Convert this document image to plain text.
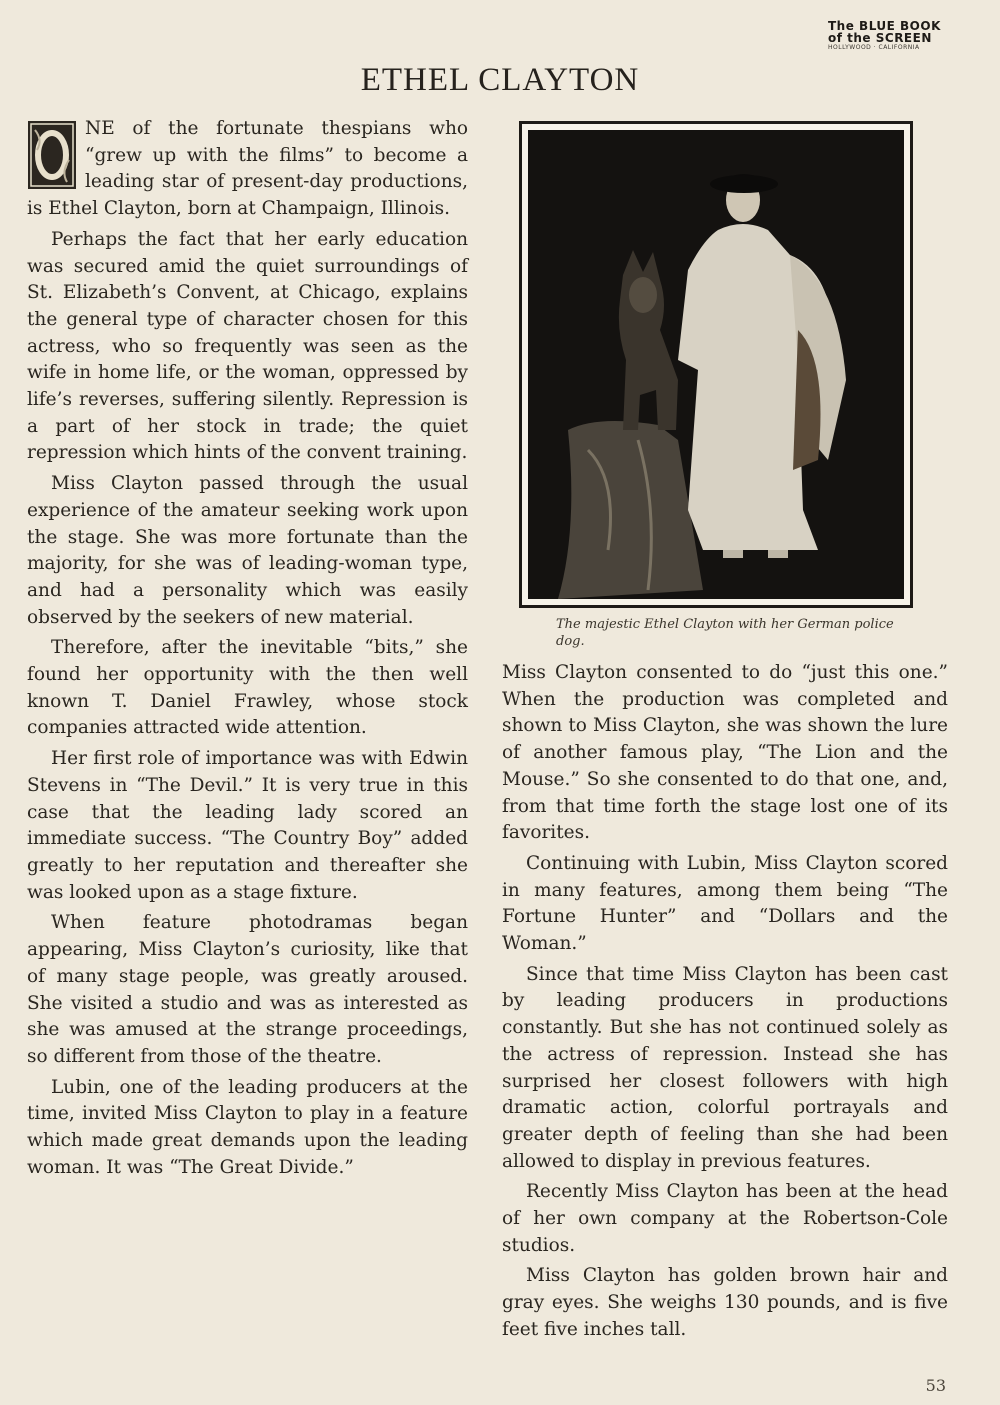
The BLUE BOOK
of the SCREEN
HOLLYWOOD · CALIFORNIA
ETHEL CLAYTON

NE of the fortunate thespians who “grew up with the films” to become a leading star of present-day productions, is Ethel Clayton, born at Champaign, Illinois.

Perhaps the fact that her early education was secured amid the quiet surroundings of St. Elizabeth’s Convent, at Chicago, explains the general type of character chosen for this actress, who so frequently was seen as the wife in home life, or the woman, oppressed by life’s reverses, suffering silently. Repression is a part of her stock in trade; the quiet repression which hints of the convent training.

Miss Clayton passed through the usual experience of the amateur seeking work upon the stage. She was more fortunate than the majority, for she was of leading-woman type, and had a personality which was easily observed by the seekers of new material.

Therefore, after the inevitable “bits,” she found her opportunity with the then well known T. Daniel Frawley, whose stock companies attracted wide attention.

Her first role of importance was with Edwin Stevens in “The Devil.” It is very true in this case that the leading lady scored an immediate success. “The Country Boy” added greatly to her reputation and thereafter she was looked upon as a stage fixture.

When feature photodramas began appearing, Miss Clayton’s curiosity, like that of many stage people, was greatly aroused. She visited a studio and was as interested as she was amused at the strange proceedings, so different from those of the theatre.

Lubin, one of the leading producers at the time, invited Miss Clayton to play in a feature which made great demands upon the leading woman. It was “The Great Divide.”

The majestic Ethel Clayton with her German police dog.

Miss Clayton consented to do “just this one.” When the production was completed and shown to Miss Clayton, she was shown the lure of another famous play, “The Lion and the Mouse.” So she consented to do that one, and, from that time forth the stage lost one of its favorites.

Continuing with Lubin, Miss Clayton scored in many features, among them being “The Fortune Hunter” and “Dollars and the Woman.”

Since that time Miss Clayton has been cast by leading producers in productions constantly. But she has not continued solely as the actress of repression. Instead she has surprised her closest followers with high dramatic action, colorful portrayals and greater depth of feeling than she had been allowed to display in previous features.

Recently Miss Clayton has been at the head of her own company at the Robertson-Cole studios.

Miss Clayton has golden brown hair and gray eyes. She weighs 130 pounds, and is five feet five inches tall.

53
